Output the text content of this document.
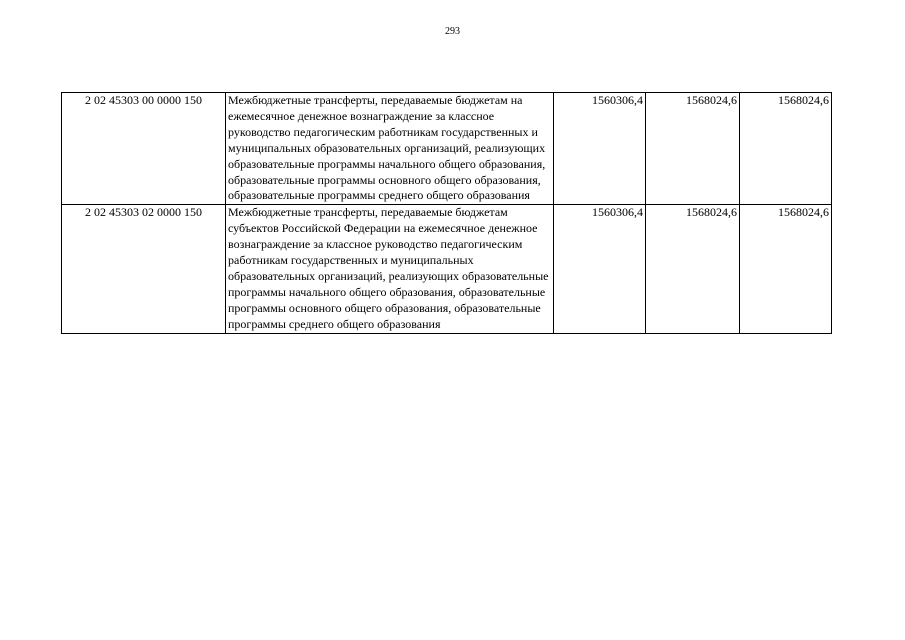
293
2 02 45303 00 0000 150	Межбюджетные трансферты, передаваемые бюджетам на ежемесячное денежное вознаграждение за классное руководство педагогическим работникам государственных и муниципальных образовательных организаций, реализующих образовательные программы начального общего образования, образовательные программы основного общего образования, образовательные программы среднего общего образования	1560306,4	1568024,6	1568024,6
2 02 45303 02 0000 150	Межбюджетные трансферты, передаваемые бюджетам субъектов Российской Федерации на ежемесячное денежное вознаграждение за классное руководство педагогическим работникам государственных и муниципальных образовательных организаций, реализующих образовательные программы начального общего образования, образовательные программы основного общего образования, образовательные программы среднего общего образования	1560306,4	1568024,6	1568024,6
